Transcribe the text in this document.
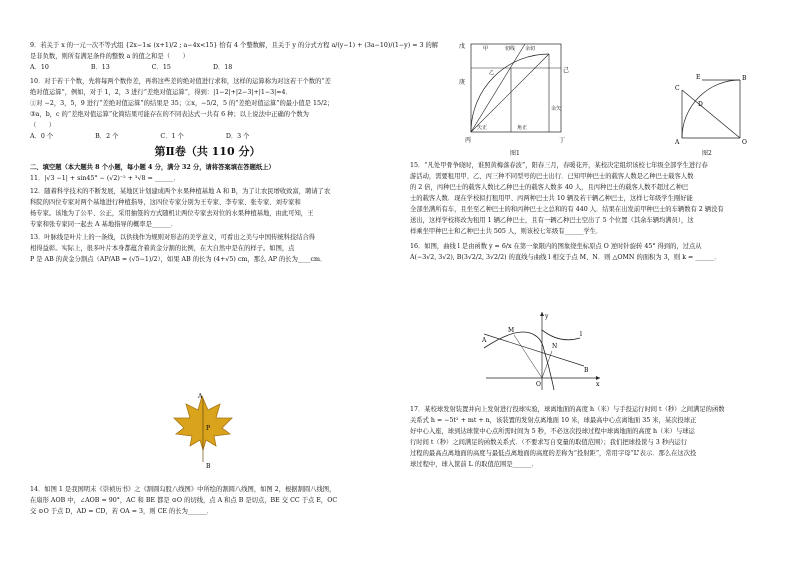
9．若关于 x 的一元一次不等式组 {2x−1≤ (x+1)/2 ; a−4x<15} 恰有 4 个整数解，且关于 y 的分式方程 a/(y−1) + (3a−10)/(1−y) = 3 的解
是非负数，则所有满足条件的整数 a 的值之和是（　　）
A．10	B．13	C．15	D．18
10．对于若干个数，先将每两个数作差，再将这些差的绝对值进行求和，这样的运算称为对这若干个数的“差
绝对值运算”，例如，对于 1，2，3 进行“差绝对值运算”，得到：|1−2|+|2−3|+|1−3|=4．
①对 −2，3，5，9 进行“差绝对值运算”的结果是 35；②x，−5/2，5 的“差绝对值运算”的最小值是 15/2；
③a，b，c 的“差绝对值运算”化简结果可能存在的不同表达式一共有 6 种；以上说法中正确的个数为
（　　）
A．0 个	B．2 个	C．1 个	D．3 个
第Ⅱ卷（共 110 分）
二、填空题（本大题共 8 个小题，每小题 4 分，满分 32 分，请将答案填在答题纸上）
11．|√3 −1| + sin45° − (√2)⁻² + ³√8 = ______．
12．随着科学技术的不断发展，某地区计划建成两个水果种植基地 A 和 B，为了让农民增收致富，聘请了农
科院的四位专家对两个基地进行种植指导，这四位专家分别为王专家、李专家、张专家、刘专家和
杨专家。该地为了公平、公正，采用抽签的方式随机让两位专家去对位的水果种植基地，由此可知，王
专家和张专家同一起去 A 基地指导的概率是______．
13．叶脉线是叶片上的一条线，以供线作为规则对形态的美学意义，可看出之美与中国传统科技结合得
相得益彰。实际上，很多叶片本身都蕴含着黄金分割的比例，在大自然中是在的样子。如图，点
P 是 AB 的黄金分割点（AP/AB = (√5−1)/2），如果 AB 的长为 (4+√5) cm，那么 AP 的长为____cm．
A
P
B
14．如图 1 是我国明末《崇祯历书》之《割圆勾股八线图》中所绘的割圆八线图，如图 2，根据割圆八线图，
在扇形 AOB 中，∠AOB = 90°，AC 和 BE 都是 ⊙O 的切线，点 A 和点 B 是切点，BE 交 CC 于点 E，OC
交 ⊙O 于点 D，AD = CD，若 OA = 3，则 CE 的长为______．
戊	甲	切线 余切
庚
乙
丙	丁
己
矢正	角正
余矢
图1
E
C
D
A
B
O
图2
15．“凡处甲骨争晓时，谁照黄梅落春波”，阳春三月，春暖花开，某校决定组织该校七年级全部学生进行春
游活动，需要租用甲、乙、丙三种不同型号的巴士出行．已知甲种巴士的载客人数是乙种巴士载客人数
的 2 倍，丙种巴士的载客人数比乙种巴士的载客人数多 40 人，且丙种巴士的载客人数不超过乙种巴
士的载客人数．现在学校拟打租用甲、丙两种巴士共 10 辆及若干辆乙种巴士，这样七年级学生刚好能
全部坐满所有车，且坐至乙种巴士的和丙种巴士之总和的有 440 人．结果在出发前甲种巴士的车辆数有 2 辆没有
送出，这样学校将改为租用 1 辆乙种巴士，且有一辆乙种巴士空出了 5 个位置（其余车辆均满员），这
样乘坐甲种巴士和乙种巴士共 505 人，则该校七年级有______学生．
16．如图，曲线 l 是由函数 y = 6/x 在第一象限内的图象绕坐标原点 O 逆时针旋转 45° 得到的，过点从
A(−3√2, 3√2), B(3√2/2, 3√2/2) 的直线与曲线 l 相交于点 M、N．则 △OMN 的面积为 3，则 k = ______．
y
x
O
M
N
A
B
l
17．某校球发射装置并向上发射进行投球实验，球离地面的高度 h（米）与手投运行时间 t（秒）之间满足的函数
关系式 h = −5t² + mt + n，该装置的发射点离地面 10 米，球最高中心点离地面 35 米，某次投球正
好中心入座，球到达球筐中心点所需时间为 5 秒，不必这次投球过程中球离地面的高度 h（米）与球运
行时间 t（秒）之间满足的函数关系式．（不要求写自变量的取值范围）；我们把球投筐与 3 秒内运行
过程的最高点离地面的高度与最低点离地面的高度的差称为“投射距”，常用字母“L”表示．那么在这次投
球过程中，球入筐前 L 的取值范围是______．
